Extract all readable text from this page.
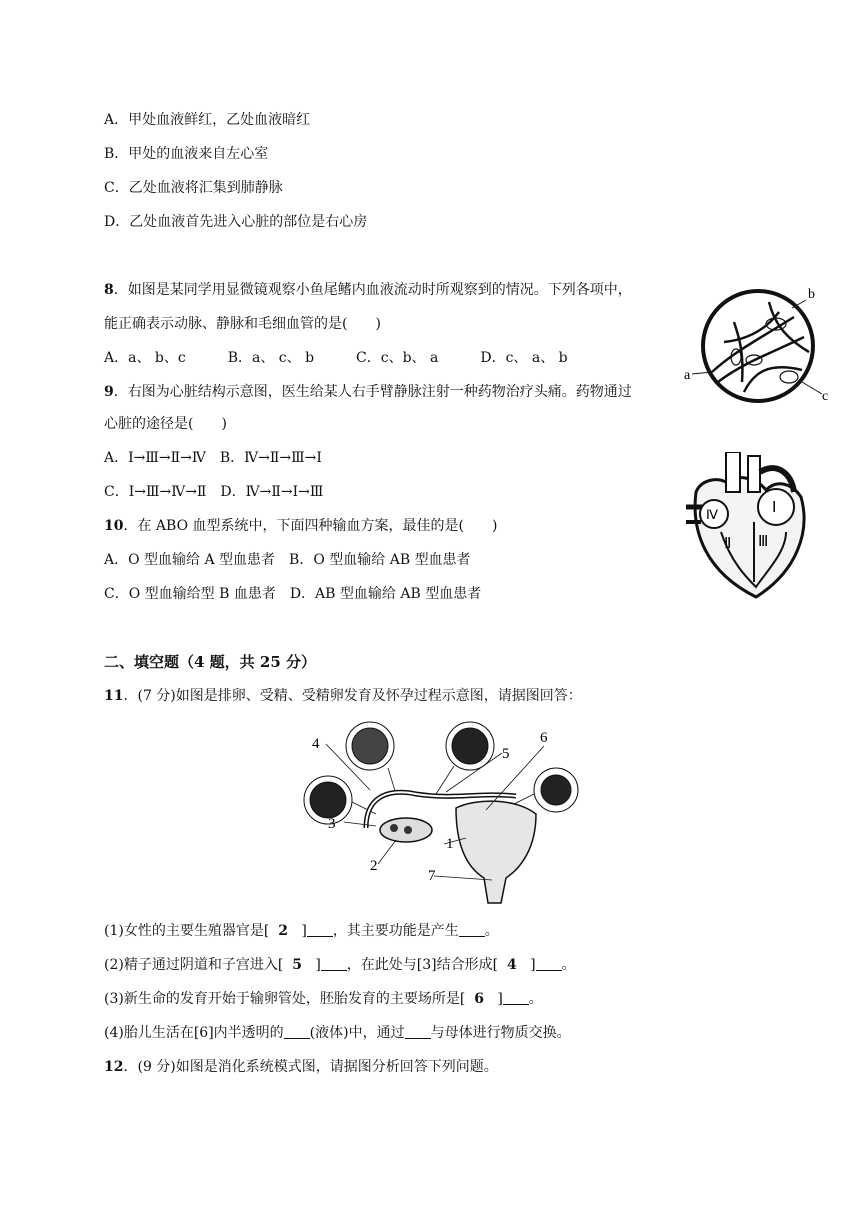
A．甲处血液鲜红，乙处血液暗红
B．甲处的血液来自左心室
C．乙处血液将汇集到肺静脉
D．乙处血液首先进入心脏的部位是右心房
8．如图是某同学用显微镜观察小鱼尾鳍内血液流动时所观察到的情况。下列各项中，
能正确表示动脉、静脉和毛细血管的是(　　)
A．a、 b、c　　　B．a、 c、 b　　　C．c、b、 a　　　D．c、 a、 b
9．右图为心脏结构示意图，医生给某人右手臂静脉注射一种药物治疗头痛。药物通过
心脏的途径是(　　)
A．Ⅰ→Ⅲ→Ⅱ→Ⅳ　B．Ⅳ→Ⅱ→Ⅲ→Ⅰ
C．Ⅰ→Ⅲ→Ⅳ→Ⅱ　D．Ⅳ→Ⅱ→Ⅰ→Ⅲ
10．在 ABO 血型系统中，下面四种输血方案，最佳的是(　　)
A．O 型血输给 A 型血患者　B．O 型血输给 AB 型血患者
C．O 型血输给型 B 血患者　D．AB 型血输给 AB 型血患者
二、填空题（4 题，共 25 分）
11．(7 分)如图是排卵、受精、受精卵发育及怀孕过程示意图，请据图回答：
(1)女性的主要生殖器官是[ 2 ] ，其主要功能是产生 。
(2)精子通过阴道和子宫进入[ 5 ] ，在此处与[3]结合形成[ 4 ] 。
(3)新生命的发育开始于输卵管处，胚胎发育的主要场所是[ 6 ] 。
(4)胎儿生活在[6]内半透明的 (液体)中，通过 与母体进行物质交换。
12．(9 分)如图是消化系统模式图，请据图分析回答下列问题。
a
b
c
Ⅰ
Ⅱ Ⅲ
Ⅳ
1
2
3
4
5
6
7
